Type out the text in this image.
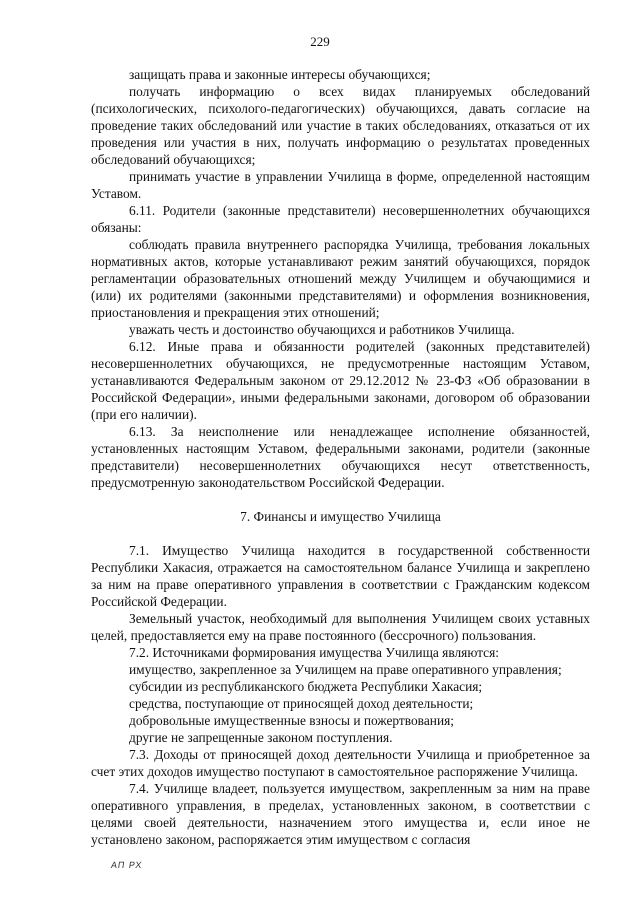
229

защищать права и законные интересы обучающихся;

получать информацию о всех видах планируемых обследований (психологических, психолого-педагогических) обучающихся, давать согласие на проведение таких обследований или участие в таких обследованиях, отказаться от их проведения или участия в них, получать информацию о результатах проведенных обследований обучающихся;

принимать участие в управлении Училища в форме, определенной настоящим Уставом.

6.11. Родители (законные представители) несовершеннолетних обучающихся обязаны:

соблюдать правила внутреннего распорядка Училища, требования локальных нормативных актов, которые устанавливают режим занятий обучающихся, порядок регламентации образовательных отношений между Училищем и обучающимися и (или) их родителями (законными представителями) и оформления возникновения, приостановления и прекращения этих отношений;

уважать честь и достоинство обучающихся и работников Училища.

6.12. Иные права и обязанности родителей (законных представителей) несовершеннолетних обучающихся, не предусмотренные настоящим Уставом, устанавливаются Федеральным законом от 29.12.2012 № 23-ФЗ «Об образовании в Российской Федерации», иными федеральными законами, договором об образовании (при его наличии).

6.13. За неисполнение или ненадлежащее исполнение обязанностей, установленных настоящим Уставом, федеральными законами, родители (законные представители) несовершеннолетних обучающихся несут ответственность, предусмотренную законодательством Российской Федерации.

7. Финансы и имущество Училища

7.1. Имущество Училища находится в государственной собственности Республики Хакасия, отражается на самостоятельном балансе Училища и закреплено за ним на праве оперативного управления в соответствии с Гражданским кодексом Российской Федерации.

Земельный участок, необходимый для выполнения Училищем своих уставных целей, предоставляется ему на праве постоянного (бессрочного) пользования.

7.2. Источниками формирования имущества Училища являются:

имущество, закрепленное за Училищем на праве оперативного управления;

субсидии из республиканского бюджета Республики Хакасия;

средства, поступающие от приносящей доход деятельности;

добровольные имущественные взносы и пожертвования;

другие не запрещенные законом поступления.

7.3. Доходы от приносящей доход деятельности Училища и приобретенное за счет этих доходов имущество поступают в самостоятельное распоряжение Училища.

7.4. Училище владеет, пользуется имуществом, закрепленным за ним на праве оперативного управления, в пределах, установленных законом, в соответствии с целями своей деятельности, назначением этого имущества и, если иное не установлено законом, распоряжается этим имуществом с согласия

АП РХ
